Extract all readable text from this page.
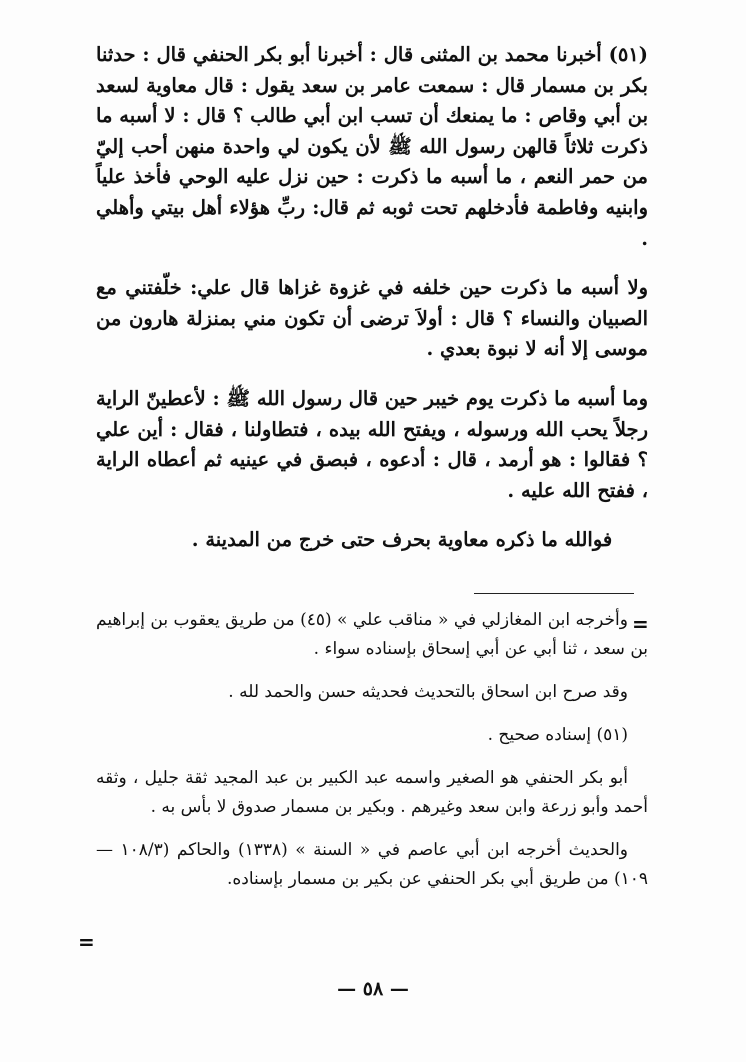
(٥١) أخبرنا محمد بن المثنى قال : أخبرنا أبو بكر الحنفي قال : حدثنا بكر بن مسمار قال : سمعت عامر بن سعد يقول : قال معاوية لسعد بن أبي وقاص : ما يمنعك أن تسب ابن أبي طالب ؟ قال : لا أسبه ما ذكرت ثلاثاً قالهن رسول الله ﷺ لأن يكون لي واحدة منهن أحب إليّ من حمر النعم ، ما أسبه ما ذكرت : حين نزل عليه الوحي فأخذ علياً وابنيه وفاطمة فأدخلهم تحت ثوبه ثم قال: ربِّ هؤلاء أهل بيتي وأهلي .

ولا أسبه ما ذكرت حين خلفه في غزوة غزاها قال علي: خلّفتني مع الصبيان والنساء ؟ قال : أولاَ ترضى أن تكون مني بمنزلة هارون من موسى إلا أنه لا نبوة بعدي .

وما أسبه ما ذكرت يوم خيبر حين قال رسول الله ﷺ : لأعطينّ الراية رجلاً يحب الله ورسوله ، ويفتح الله بيده ، فتطاولنا ، فقال : أين علي ؟ فقالوا : هو أرمد ، قال : أدعوه ، فبصق في عينيه ثم أعطاه الراية ، ففتح الله عليه .

فوالله ما ذكره معاوية بحرف حتى خرج من المدينة .

=

وأخرجه ابن المغازلي في « مناقب علي » (٤٥) من طريق يعقوب بن إبراهيم بن سعد ، ثنا أبي عن أبي إسحاق بإسناده سواء .

وقد صرح ابن اسحاق بالتحديث فحديثه حسن والحمد لله .

(٥١) إسناده صحيح .

أبو بكر الحنفي هو الصغير واسمه عبد الكبير بن عبد المجيد ثقة جليل ، وثقه أحمد وأبو زرعة وابن سعد وغيرهم . وبكير بن مسمار صدوق لا بأس به .

والحديث أخرجه ابن أبي عاصم في « السنة » (١٣٣٨) والحاكم (١٠٨/٣ — ١٠٩) من طريق أبي بكر الحنفي عن بكير بن مسمار بإسناده.

=
— ٥٨ —
